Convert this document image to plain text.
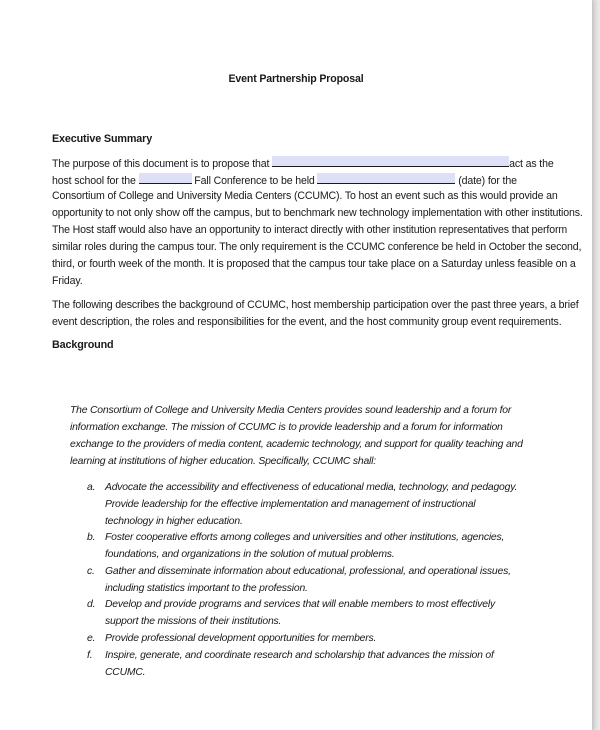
Event Partnership Proposal
Executive Summary
The purpose of this document is to propose that	act as the
host school for the	Fall Conference to be held	(date) for the
Consortium of College and University Media Centers (CCUMC). To host an event such as this would provide an
opportunity to not only show off the campus, but to benchmark new technology implementation with other institutions.
The Host staff would also have an opportunity to interact directly with other institution representatives that perform
similar roles during the campus tour. The only requirement is the CCUMC conference be held in October the second,
third, or fourth week of the month. It is proposed that the campus tour take place on a Saturday unless feasible on a
Friday.
The following describes the background of CCUMC, host membership participation over the past three years, a brief
event description, the roles and responsibilities for the event, and the host community group event requirements.
Background
The Consortium of College and University Media Centers provides sound leadership and a forum for
information exchange. The mission of CCUMC is to provide leadership and a forum for information
exchange to the providers of media content, academic technology, and support for quality teaching and
learning at institutions of higher education. Specifically, CCUMC shall:
a. Advocate the accessibility and effectiveness of educational media, technology, and pedagogy.
Provide leadership for the effective implementation and management of instructional
technology in higher education.
b. Foster cooperative efforts among colleges and universities and other institutions, agencies,
foundations, and organizations in the solution of mutual problems.
c. Gather and disseminate information about educational, professional, and operational issues,
including statistics important to the profession.
d. Develop and provide programs and services that will enable members to most effectively
support the missions of their institutions.
e. Provide professional development opportunities for members.
f. Inspire, generate, and coordinate research and scholarship that advances the mission of
CCUMC.
